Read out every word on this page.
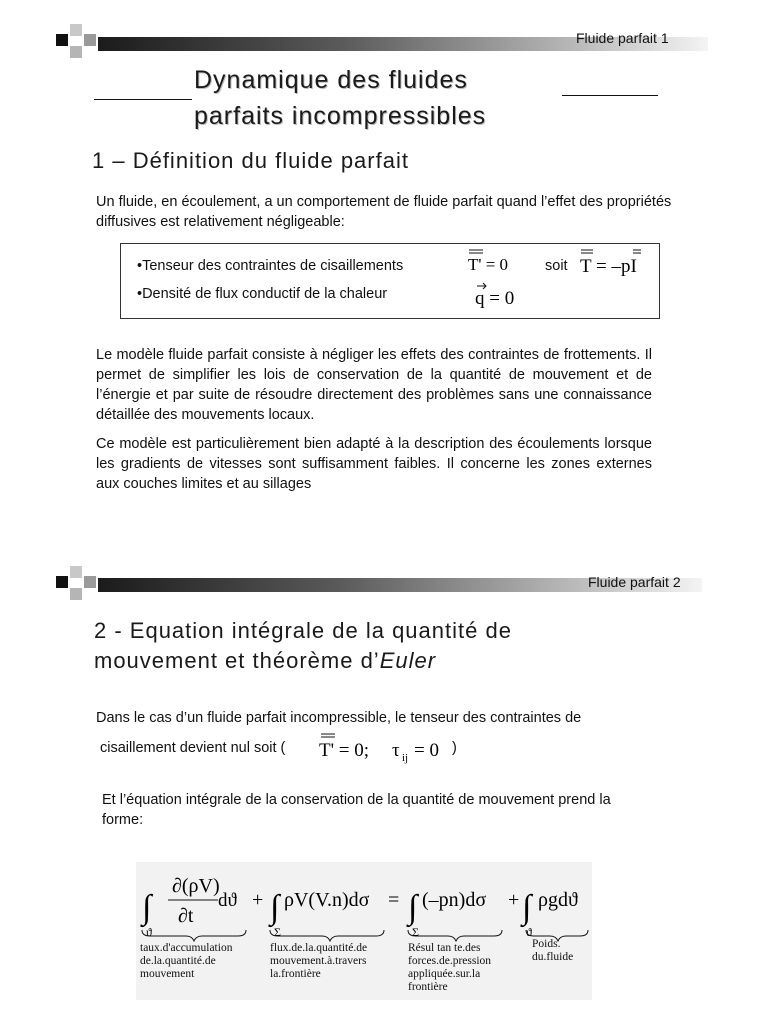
Fluide parfait 1
Dynamique des fluides
parfaits incompressibles
1 – Définition du fluide parfait
Un fluide, en écoulement, a un comportement de fluide parfait quand l’effet des propriétés diffusives est relativement négligeable:
•Tenseur des contraintes de cisaillements
•Densité de flux conductif de la chaleur
soit
T' = 0	T = –pI
q = 0
Le modèle fluide parfait consiste à négliger les effets des contraintes de frottements. Il permet de simplifier les lois de conservation de la quantité de mouvement et de l’énergie et par suite de résoudre directement des problèmes sans une connaissance détaillée des mouvements locaux.
Ce modèle est particulièrement bien adapté à la description des écoulements lorsque les gradients de vitesses sont suffisamment faibles. Il concerne les zones externes aux couches limites et au sillages
Fluide parfait 2
2 - Equation intégrale de la quantité de
mouvement et théorème d’Euler
Dans le cas d’un fluide parfait incompressible, le tenseur des contraintes de
cisaillement devient nul soit ( T' = 0; τ ij = 0 )
Et l’équation intégrale de la conservation de la quantité de mouvement prend la forme:
∫
∂(ρV)
∂t
dϑ
ϑ
+ ∫ ρV(V.n)dσ
Σ
= ∫ (–pn)dσ
Σ
+ ∫ ρgdϑ
ϑ
taux.d'accumulation
de.la.quantité.de
mouvement
flux.de.la.quantité.de
mouvement.à.travers
la.frontière
Résul tan te.des
forces.de.pression
appliquée.sur.la
frontière
Poids.
du.fluide
